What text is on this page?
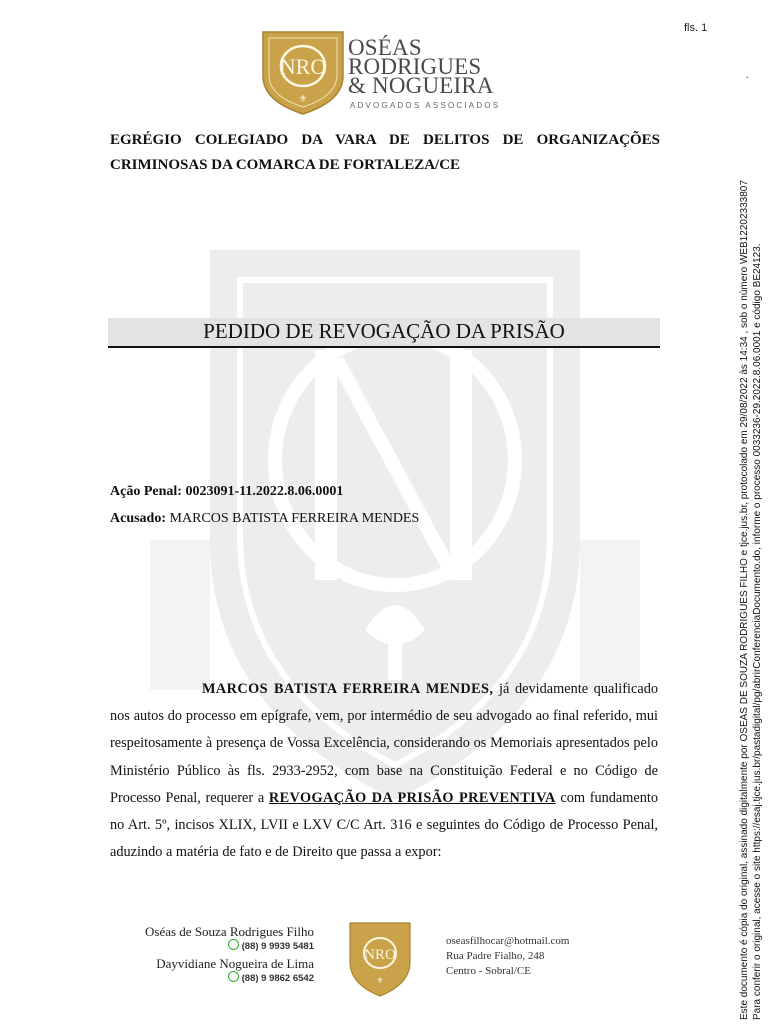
fls. 1
.
NRO
⚜
OSÉAS
RODRIGUES
& NOGUEIRA
ADVOGADOS ASSOCIADOS
EGRÉGIO COLEGIADO DA VARA DE DELITOS DE ORGANIZAÇÕES CRIMINOSAS DA COMARCA DE FORTALEZA/CE
PEDIDO DE REVOGAÇÃO DA PRISÃO
Ação Penal: 0023091-11.2022.8.06.0001
Acusado: MARCOS BATISTA FERREIRA MENDES
MARCOS BATISTA FERREIRA MENDES, já devidamente qualificado nos autos do processo em epígrafe, vem, por intermédio de seu advogado ao final referido, mui respeitosamente à presença de Vossa Excelência, considerando os Memoriais apresentados pelo Ministério Público às fls. 2933-2952, com base na Constituição Federal e no Código de Processo Penal, requerer a REVOGAÇÃO DA PRISÃO PREVENTIVA com fundamento no Art. 5º, incisos XLIX, LVII e LXV C/C Art. 316 e seguintes do Código de Processo Penal, aduzindo a matéria de fato e de Direito que passa a expor:
Oséas de Souza Rodrigues Filho
(88) 9 9939 5481
Dayvidiane Nogueira de Lima
(88) 9 9862 6542
NRO
⚜
oseasfilhocar@hotmail.com
Rua Padre Fialho, 248
Centro - Sobral/CE	Este documento é cópia do original, assinado digitalmente por OSEAS DE SOUZA RODRIGUES FILHO e tjce.jus.br, protocolado em 29/08/2022 às 14:34 , sob o número WEB12202333807 Para conferir o original, acesse o site https://esaj.tjce.jus.br/pastadigital/pg/abrirConferenciaDocumento.do, informe o processo 0033236-29.2022.8.06.0001 e código BE24123.
